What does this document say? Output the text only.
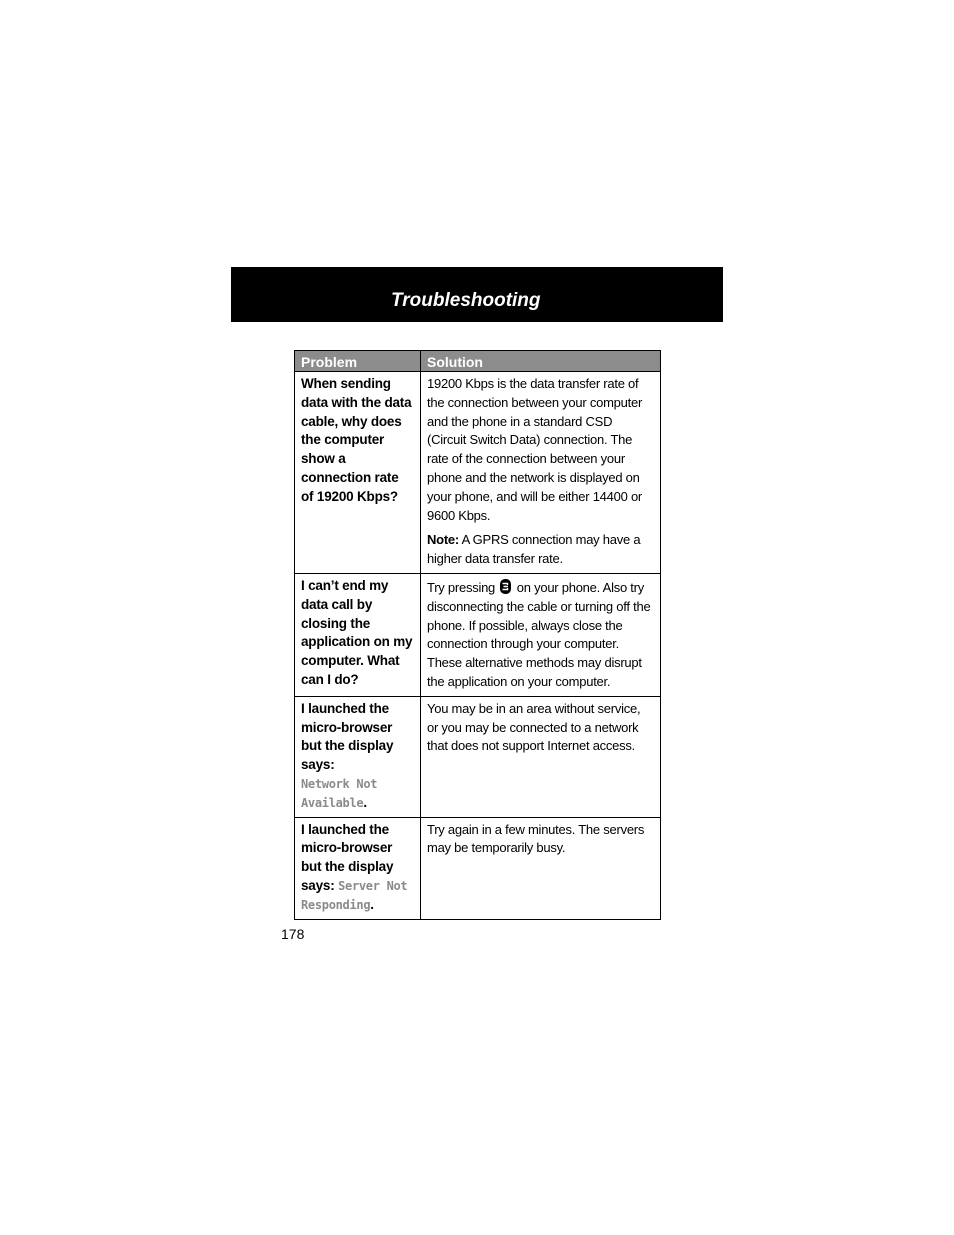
Troubleshooting
Problem	Solution
When sending data with the data cable, why does the computer show a connection rate of 19200 Kbps?	19200 Kbps is the data transfer rate of the connection between your computer and the phone in a standard CSD (Circuit Switch Data) connection. The rate of the connection between your phone and the network is displayed on your phone, and will be either 14400 or 9600 Kbps.

Note: A GPRS connection may have a higher data transfer rate.

I can’t end my data call by closing the application on my computer. What can I do?	Try pressing
on your phone. Also try disconnecting the cable or turning off the phone. If possible, always close the connection through your computer. These alternative methods may disrupt the application on your computer.
I launched the micro-browser but the display says:
Network Not Available.	You may be in an area without service, or you may be connected to a network that does not support Internet access.
I launched the micro-browser but the display says: Server Not Responding.	Try again in a few minutes. The servers may be temporarily busy.
178
